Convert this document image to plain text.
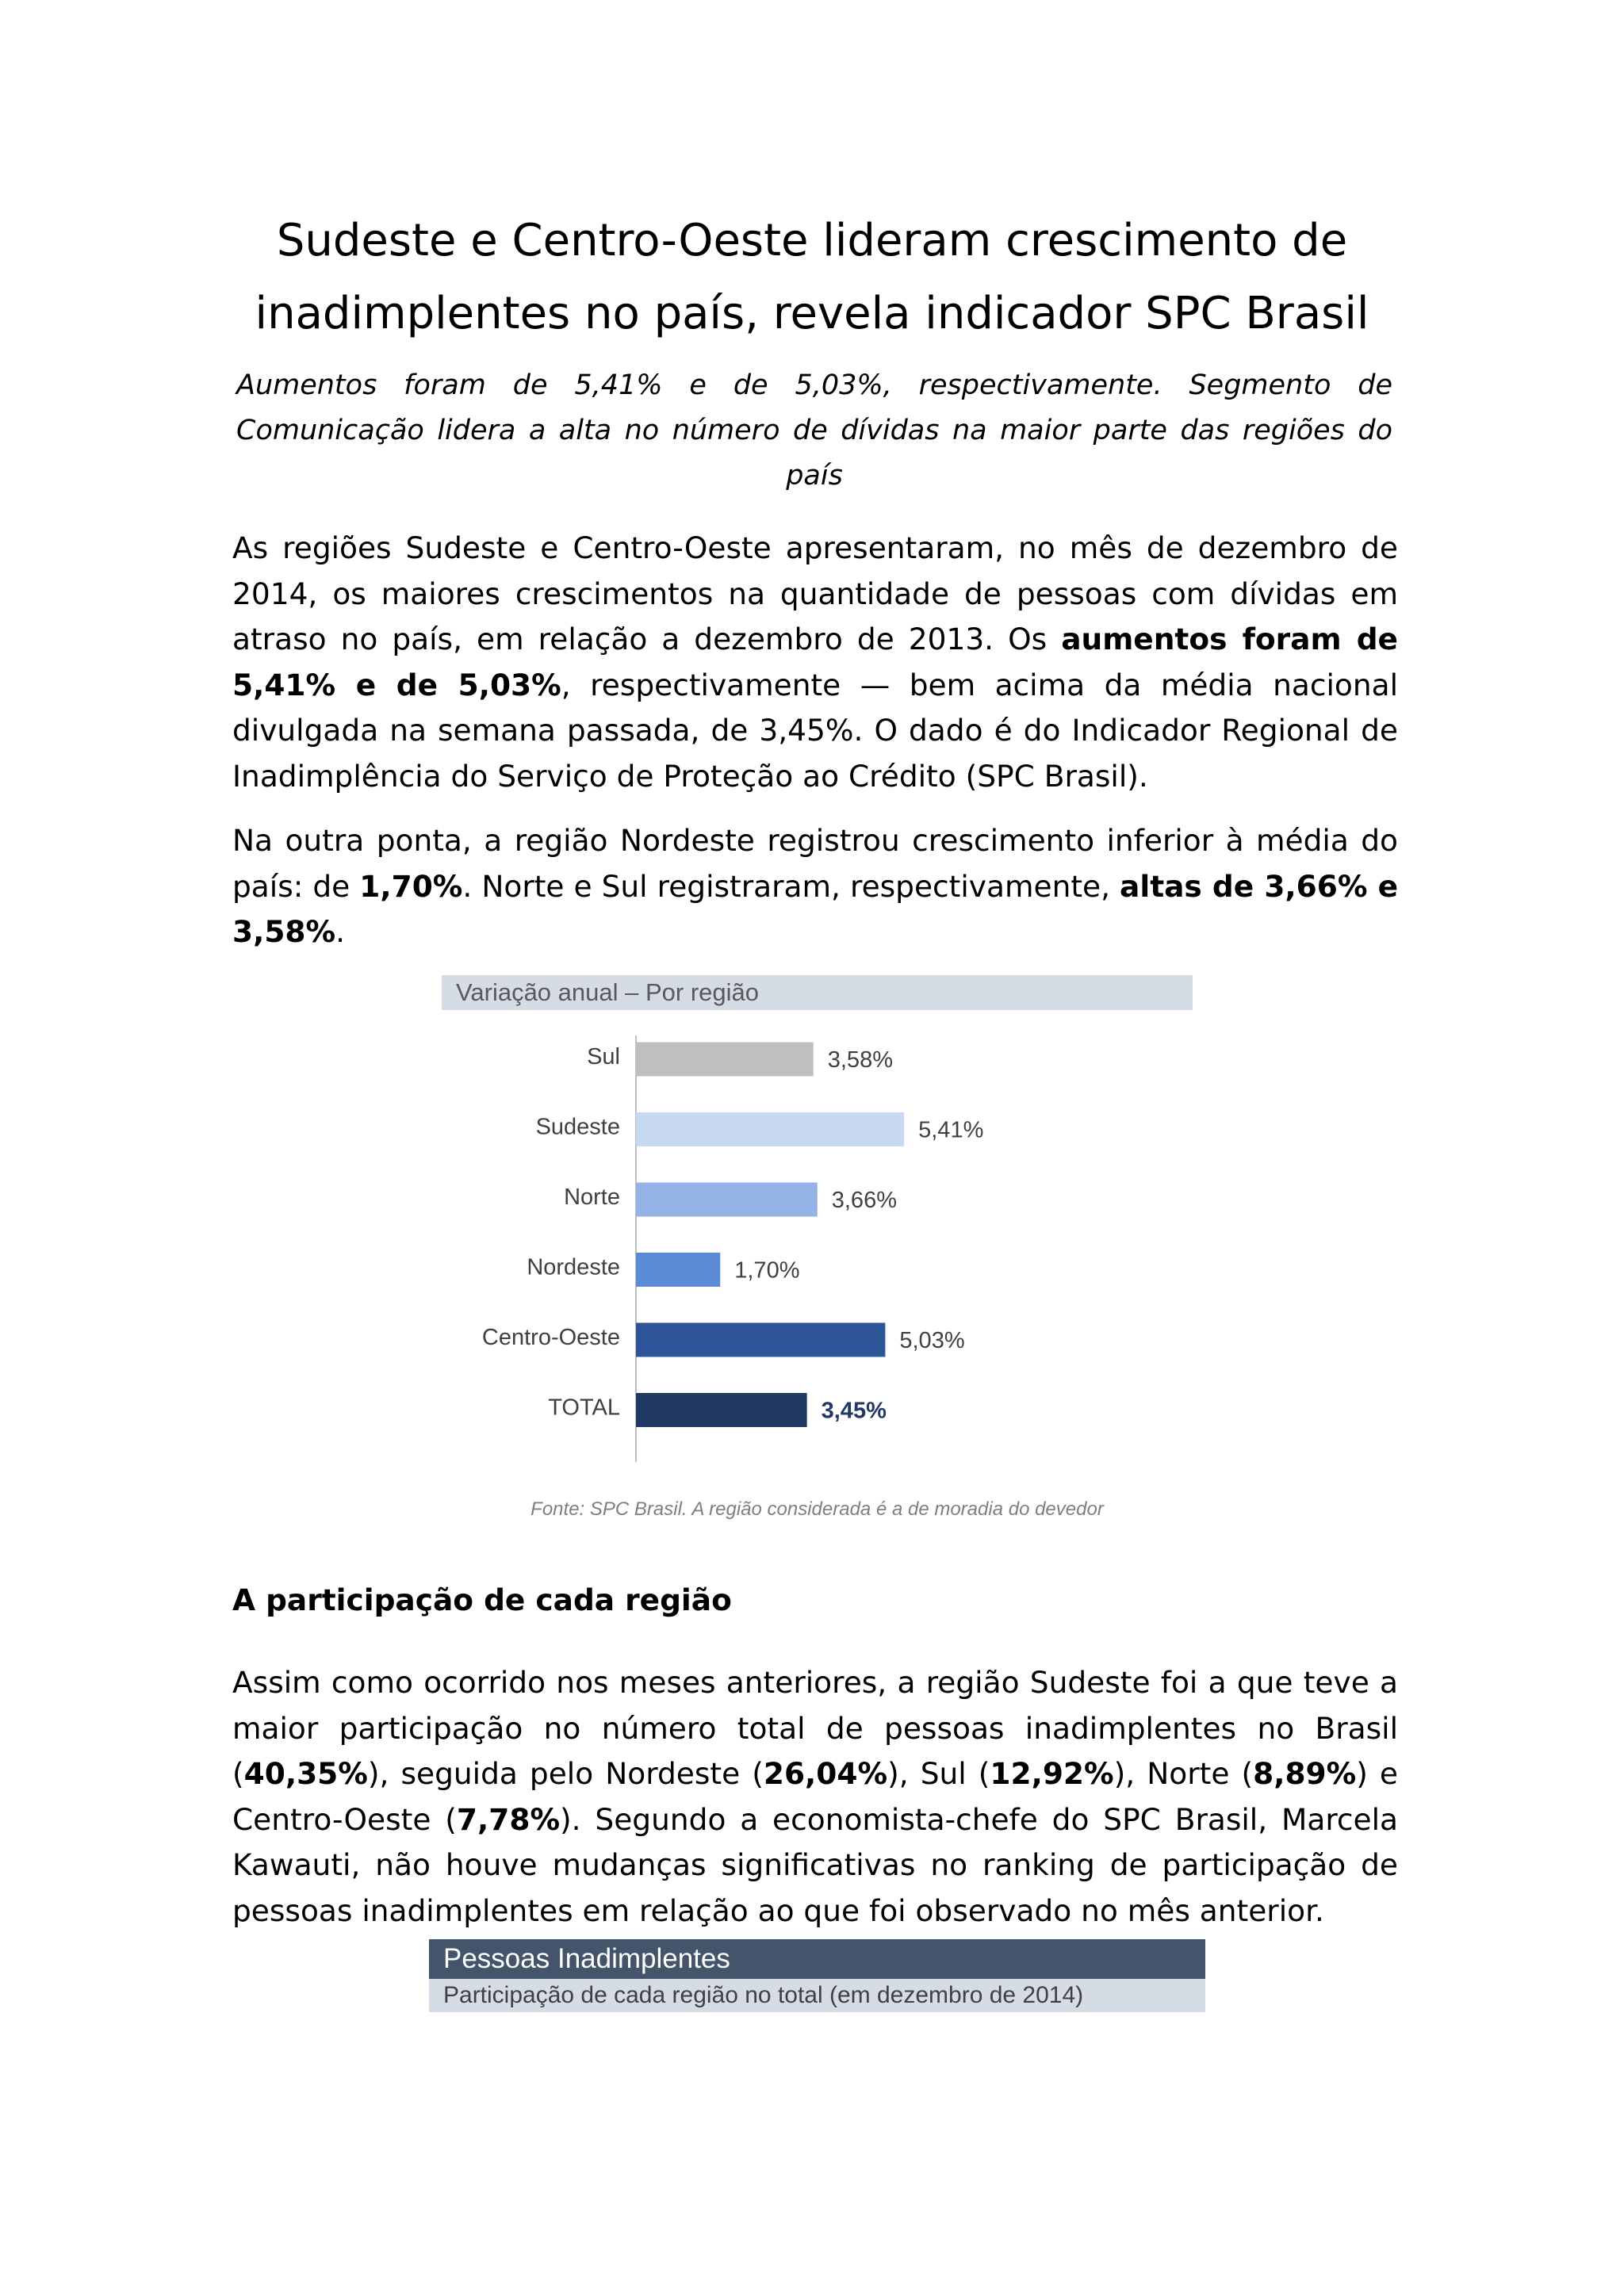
Sudeste e Centro-Oeste lideram crescimento de inadimplentes no país, revela indicador SPC Brasil

Aumentos foram de 5,41% e de 5,03%, respectivamente. Segmento de Comunicação lidera a alta no número de dívidas na maior parte das regiões do país

As regiões Sudeste e Centro-Oeste apresentaram, no mês de dezembro de 2014, os maiores crescimentos na quantidade de pessoas com dívidas em atraso no país, em relação a dezembro de 2013. Os aumentos foram de 5,41% e de 5,03%, respectivamente — bem acima da média nacional divulgada na semana passada, de 3,45%. O dado é do Indicador Regional de Inadimplência do Serviço de Proteção ao Crédito (SPC Brasil).

Na outra ponta, a região Nordeste registrou crescimento inferior à média do país: de 1,70%. Norte e Sul registraram, respectivamente, altas de 3,66% e 3,58%.

Variação anual – Por região
Sul	3,58%
Sudeste	5,41%
Norte	3,66%
Nordeste	1,70%
Centro-Oeste	5,03%
TOTAL	3,45%
Fonte: SPC Brasil. A região considerada é a de moradia do devedor
A participação de cada região

Assim como ocorrido nos meses anteriores, a região Sudeste foi a que teve a maior participação no número total de pessoas inadimplentes no Brasil (40,35%), seguida pelo Nordeste (26,04%), Sul (12,92%), Norte (8,89%) e Centro-Oeste (7,78%). Segundo a economista-chefe do SPC Brasil, Marcela Kawauti, não houve mudanças significativas no ranking de participação de pessoas inadimplentes em relação ao que foi observado no mês anterior.

Pessoas Inadimplentes
Participação de cada região no total (em dezembro de 2014)
